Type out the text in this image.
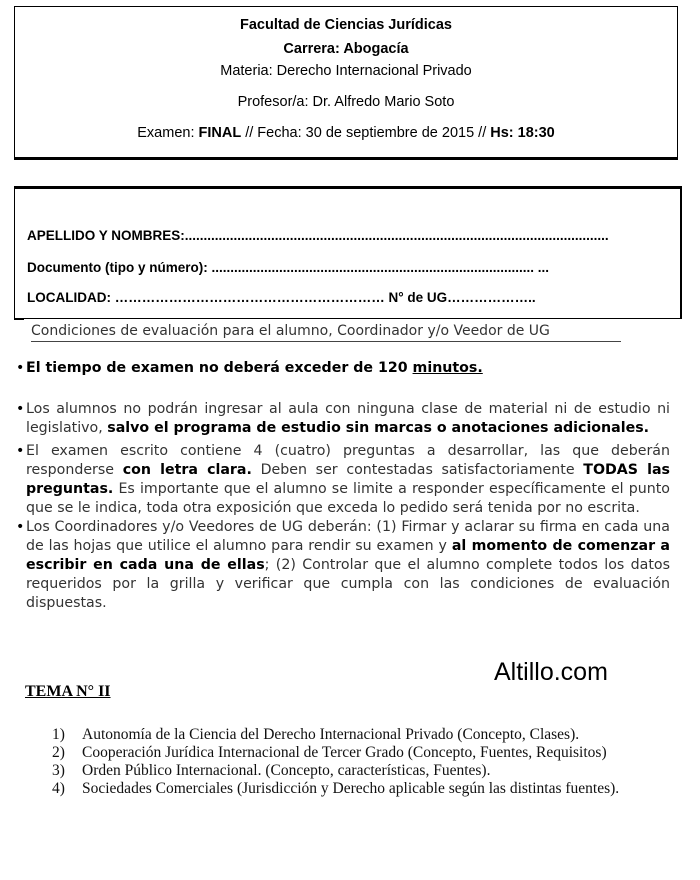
Facultad de Ciencias Jurídicas
Carrera: Abogacía
Materia: Derecho Internacional Privado
Profesor/a: Dr. Alfredo Mario Soto
Examen: FINAL // Fecha: 30 de septiembre de 2015 // Hs: 18:30
APELLIDO Y NOMBRES:.................................................................................................................
Documento (tipo y número): ...................................................................................... ...
LOCALIDAD: …………………………………………………… N° de UG………………..
Condiciones de evaluación para el alumno, Coordinador y/o Veedor de UG
• El tiempo de examen no deberá exceder de 120 minutos.
• Los alumnos no podrán ingresar al aula con ninguna clase de material ni de estudio ni legislativo, salvo el programa de estudio sin marcas o anotaciones adicionales.
• El examen escrito contiene 4 (cuatro) preguntas a desarrollar, las que deberán responderse con letra clara. Deben ser contestadas satisfactoriamente TODAS las preguntas. Es importante que el alumno se limite a responder específicamente el punto que se le indica, toda otra exposición que exceda lo pedido será tenida por no escrita.
• Los Coordinadores y/o Veedores de UG deberán: (1) Firmar y aclarar su firma en cada una de las hojas que utilice el alumno para rendir su examen y al momento de comenzar a escribir en cada una de ellas; (2) Controlar que el alumno complete todos los datos requeridos por la grilla y verificar que cumpla con las condiciones de evaluación dispuestas.
Altillo.com
TEMA N° II
1) Autonomía de la Ciencia del Derecho Internacional Privado (Concepto, Clases).
2) Cooperación Jurídica Internacional de Tercer Grado (Concepto, Fuentes, Requisitos)
3) Orden Público Internacional. (Concepto, características, Fuentes).
4) Sociedades Comerciales (Jurisdicción y Derecho aplicable según las distintas fuentes).
